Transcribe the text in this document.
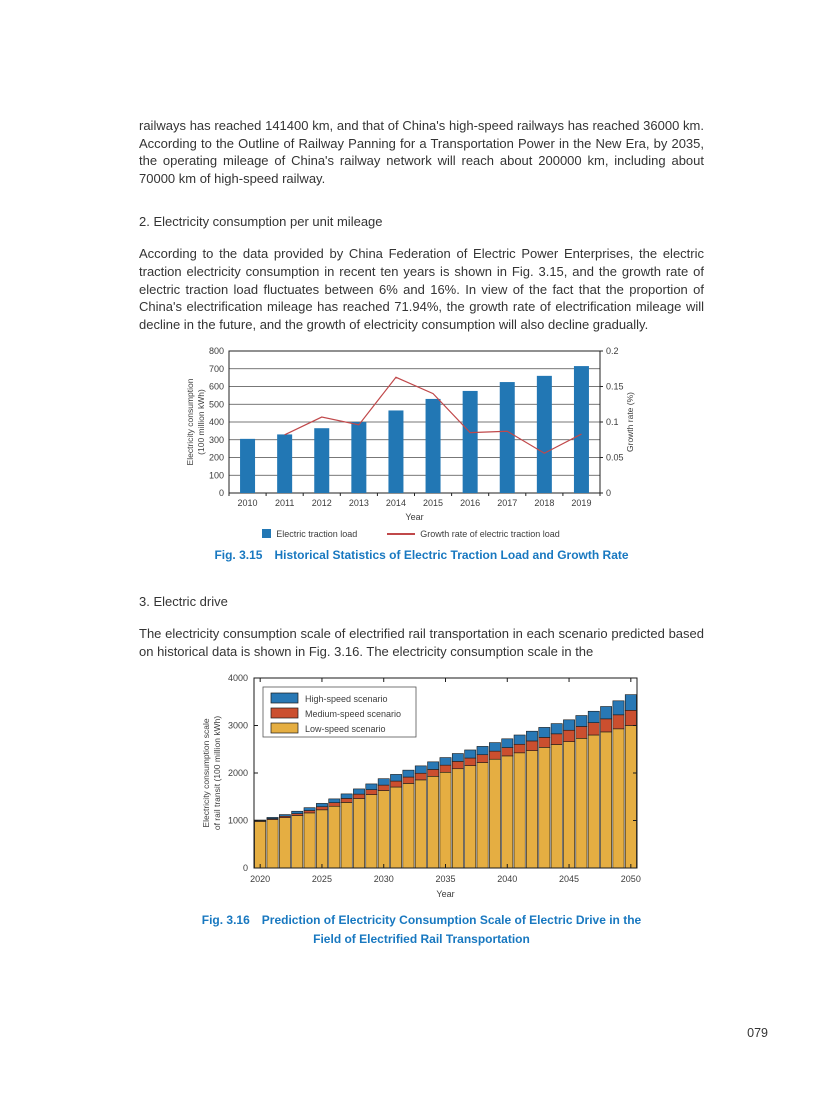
railways has reached 141400 km, and that of China's high-speed railways has reached 36000 km. According to the Outline of Railway Panning for a Transportation Power in the New Era, by 2035, the operating mileage of China's railway network will reach about 200000 km, including about 70000 km of high-speed railway.

2. Electricity consumption per unit mileage

According to the data provided by China Federation of Electric Power Enterprises, the electric traction electricity consumption in recent ten years is shown in Fig. 3.15, and the growth rate of electric traction load fluctuates between 6% and 16%. In view of the fact that the proportion of China's electrification mileage has reached 71.94%, the growth rate of electrification mileage will decline in the future, and the growth of electricity consumption will also decline gradually.

0
100
200
300
400
500
600
700
800
0
0.05
0.1
0.15
0.2
2010 2011 2012 2013 2014 2015 2016 2017 2018 2019
Year
Electricity consumption (100 million kWh)	Growth rate (%)
Electric traction load	Growth rate of electric traction load
Fig. 3.15 Historical Statistics of Electric Traction Load and Growth Rate

3. Electric drive

The electricity consumption scale of electrified rail transportation in each scenario predicted based on historical data is shown in Fig. 3.16. The electricity consumption scale in the

0
1000
2000
3000
4000
2020	2025	2030	2035	2040	2045	2050
High-speed scenario
Medium-speed scenario
Low-speed scenario
Year
Electricity consumption scale of rail transit (100 million kWh)
Fig. 3.16 Prediction of Electricity Consumption Scale of Electric Drive in the
Field of Electrified Rail Transportation
079
